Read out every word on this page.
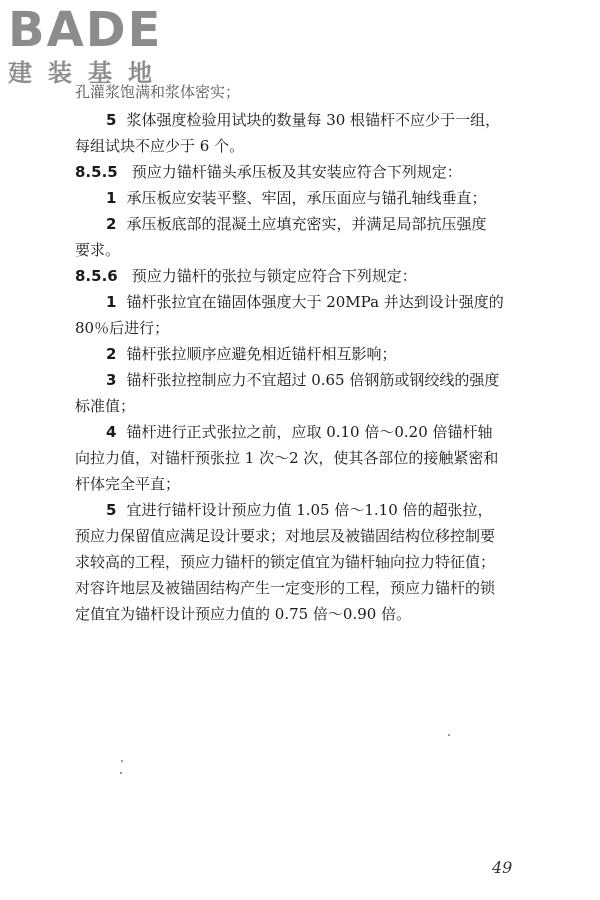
BADE
建装基地
孔灌浆饱满和浆体密实；
5 浆体强度检验用试块的数量每 30 根锚杆不应少于一组，
每组试块不应少于 6 个。
8.5.5 预应力锚杆锚头承压板及其安装应符合下列规定：
1 承压板应安装平整、牢固，承压面应与锚孔轴线垂直；
2 承压板底部的混凝土应填充密实，并满足局部抗压强度
要求。
8.5.6 预应力锚杆的张拉与锁定应符合下列规定：
1 锚杆张拉宜在锚固体强度大于 20MPa 并达到设计强度的
80％后进行；
2 锚杆张拉顺序应避免相近锚杆相互影响；
3 锚杆张拉控制应力不宜超过 0.65 倍钢筋或钢绞线的强度
标准值；
4 锚杆进行正式张拉之前，应取 0.10 倍～0.20 倍锚杆轴
向拉力值，对锚杆预张拉 1 次～2 次，使其各部位的接触紧密和
杆体完全平直；
5 宜进行锚杆设计预应力值 1.05 倍～1.10 倍的超张拉，
预应力保留值应满足设计要求；对地层及被锚固结构位移控制要
求较高的工程，预应力锚杆的锁定值宜为锚杆轴向拉力特征值；
对容许地层及被锚固结构产生一定变形的工程，预应力锚杆的锁
定值宜为锚杆设计预应力值的 0.75 倍～0.90 倍。
49
